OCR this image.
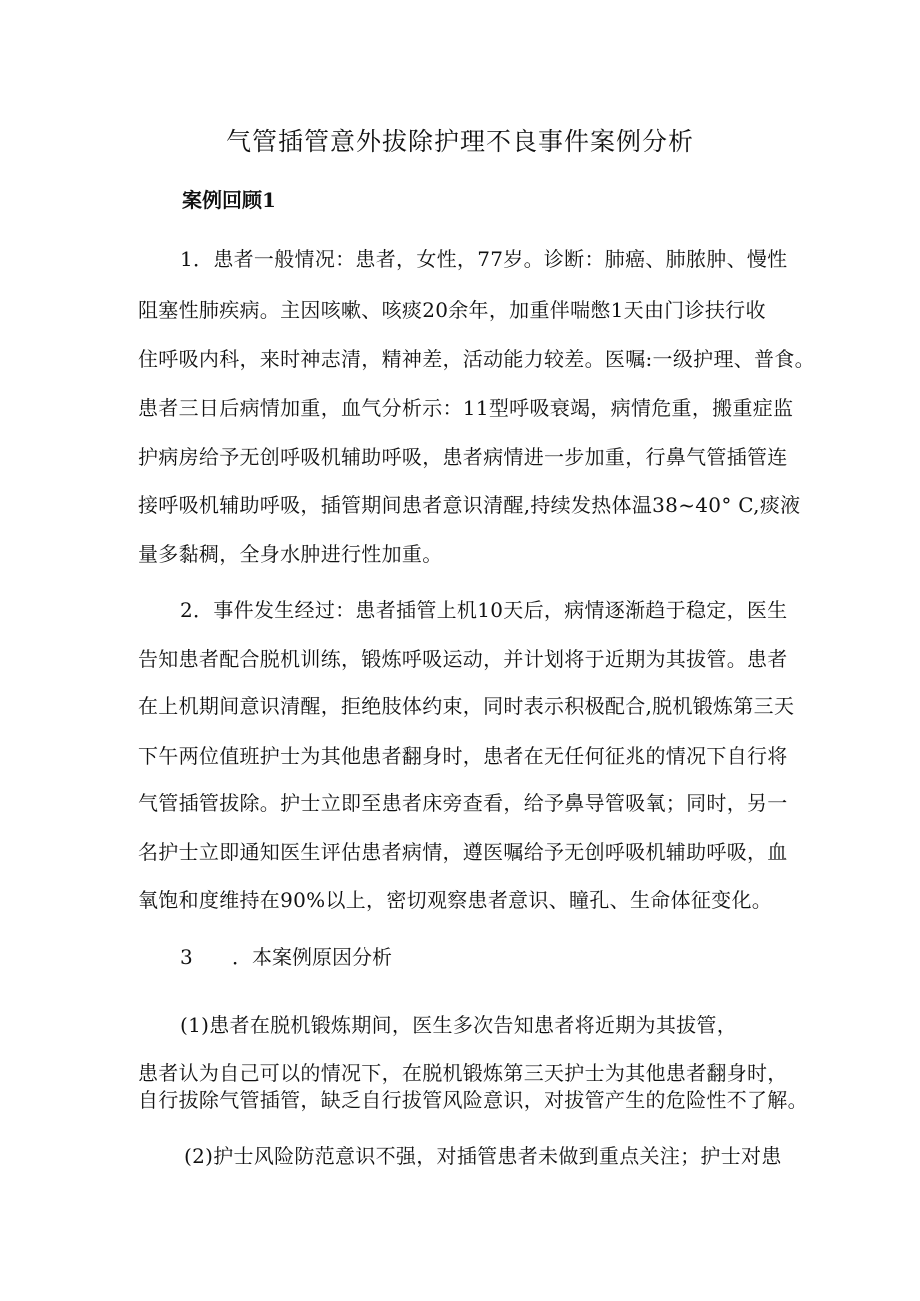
气管插管意外拔除护理不良事件案例分析
案例回顾1
1．患者一般情况：患者，女性，77岁。诊断：肺癌、肺脓肿、慢性
阻塞性肺疾病。主因咳嗽、咳痰20余年，加重伴喘憋1天由门诊扶行收
住呼吸内科，来时神志清，精神差，活动能力较差。医嘱:一级护理、普食。
患者三日后病情加重，血气分析示：11型呼吸衰竭，病情危重，搬重症监
护病房给予无创呼吸机辅助呼吸，患者病情进一步加重，行鼻气管插管连
接呼吸机辅助呼吸，插管期间患者意识清醒,持续发热体温38~40° C,痰液
量多黏稠，全身水肿进行性加重。
2．事件发生经过：患者插管上机10天后，病情逐渐趋于稳定，医生
告知患者配合脱机训练，锻炼呼吸运动，并计划将于近期为其拔管。患者
在上机期间意识清醒，拒绝肢体约束，同时表示积极配合,脱机锻炼第三天
下午两位值班护士为其他患者翻身时，患者在无任何征兆的情况下自行将
气管插管拔除。护士立即至患者床旁查看，给予鼻导管吸氧；同时，另一
名护士立即通知医生评估患者病情，遵医嘱给予无创呼吸机辅助呼吸，血
氧饱和度维持在90%以上，密切观察患者意识、瞳孔、生命体征变化。
3 ．本案例原因分析
(1)患者在脱机锻炼期间，医生多次告知患者将近期为其拔管，
患者认为自己可以的情况下，在脱机锻炼第三天护士为其他患者翻身时，
自行拔除气管插管，缺乏自行拔管风险意识，对拔管产生的危险性不了解。
(2)护士风险防范意识不强，对插管患者未做到重点关注；护士对患
